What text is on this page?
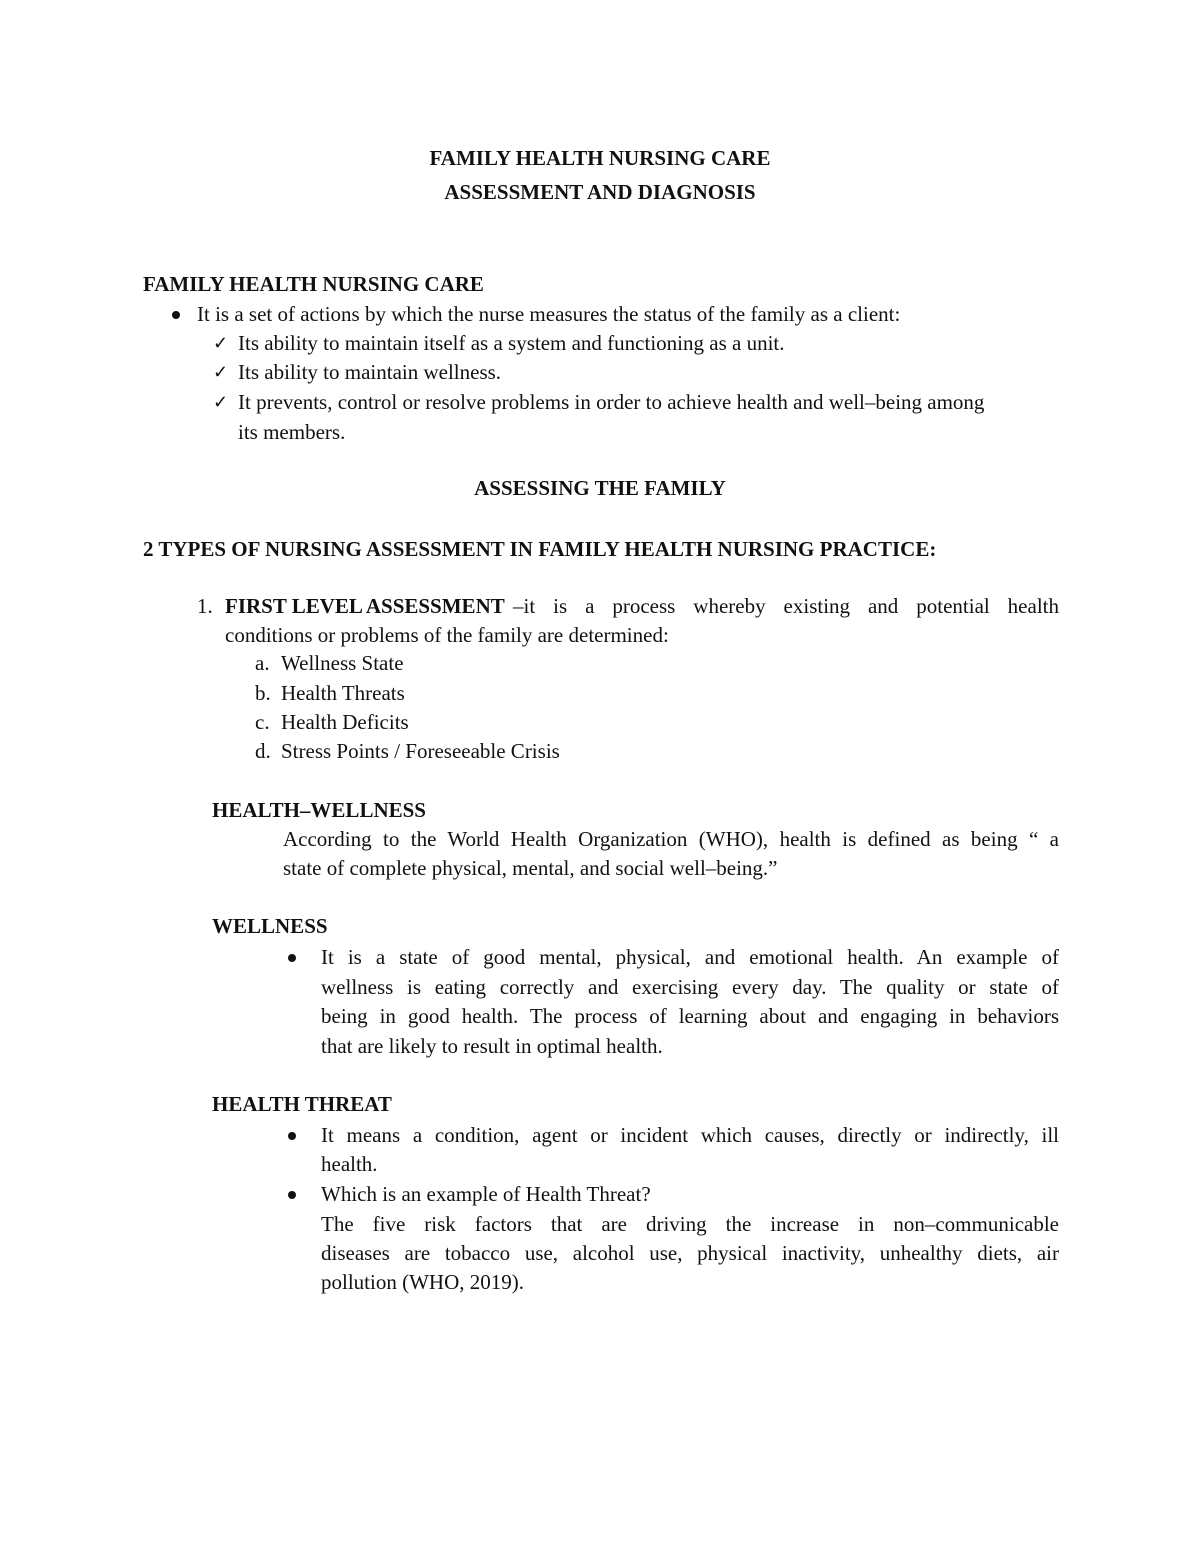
FAMILY HEALTH NURSING CARE
ASSESSMENT AND DIAGNOSIS
FAMILY HEALTH NURSING CARE
It is a set of actions by which the nurse measures the status of the family as a client:
✓ Its ability to maintain itself as a system and functioning as a unit.
✓ Its ability to maintain wellness.
✓ It prevents, control or resolve problems in order to achieve health and well–being among
its members.
ASSESSING THE FAMILY
2 TYPES OF NURSING ASSESSMENT IN FAMILY HEALTH NURSING PRACTICE:
1. FIRST LEVEL ASSESSMENT –it is a process whereby existing and potential health
conditions or problems of the family are determined:
a. Wellness State
b. Health Threats
c. Health Deficits
d. Stress Points / Foreseeable Crisis
HEALTH–WELLNESS
According to the World Health Organization (WHO), health is defined as being “ a
state of complete physical, mental, and social well–being.”
WELLNESS
It is a state of good mental, physical, and emotional health. An example of
wellness is eating correctly and exercising every day. The quality or state of
being in good health. The process of learning about and engaging in behaviors
that are likely to result in optimal health.
HEALTH THREAT
It means a condition, agent or incident which causes, directly or indirectly, ill
health.
Which is an example of Health Threat?
The five risk factors that are driving the increase in non–communicable
diseases are tobacco use, alcohol use, physical inactivity, unhealthy diets, air
pollution (WHO, 2019).
